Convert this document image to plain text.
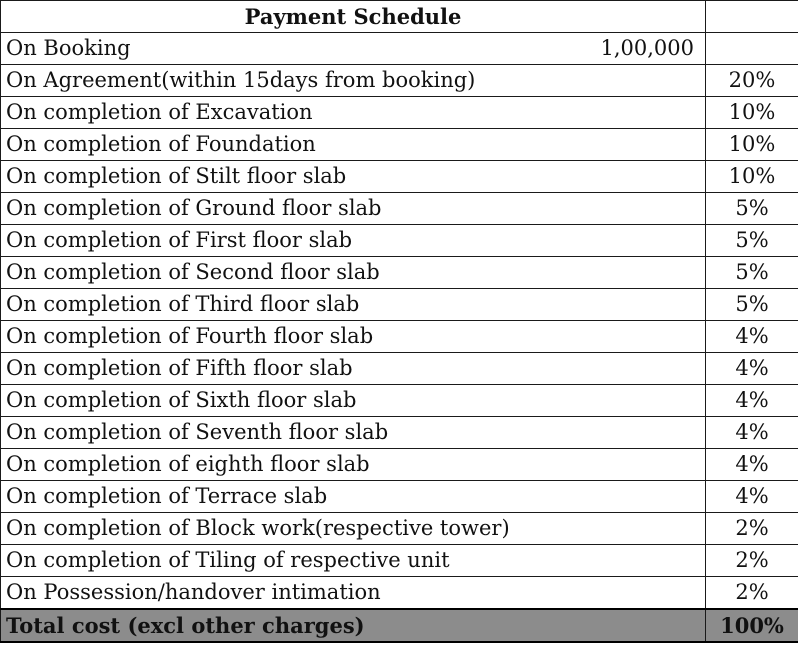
Payment Schedule		
On Booking	1,00,000	
On Agreement(within 15days from booking)		20%
On completion of Excavation		10%
On completion of Foundation		10%
On completion of Stilt floor slab		10%
On completion of Ground floor slab		5%
On completion of First floor slab		5%
On completion of Second floor slab		5%
On completion of Third floor slab		5%
On completion of Fourth floor slab		4%
On completion of Fifth floor slab		4%
On completion of Sixth floor slab		4%
On completion of Seventh floor slab		4%
On completion of eighth floor slab		4%
On completion of Terrace slab		4%
On completion of Block work(respective tower)		2%
On completion of Tiling of respective unit		2%
On Possession/handover intimation		2%
Total cost (excl other charges)		100%
